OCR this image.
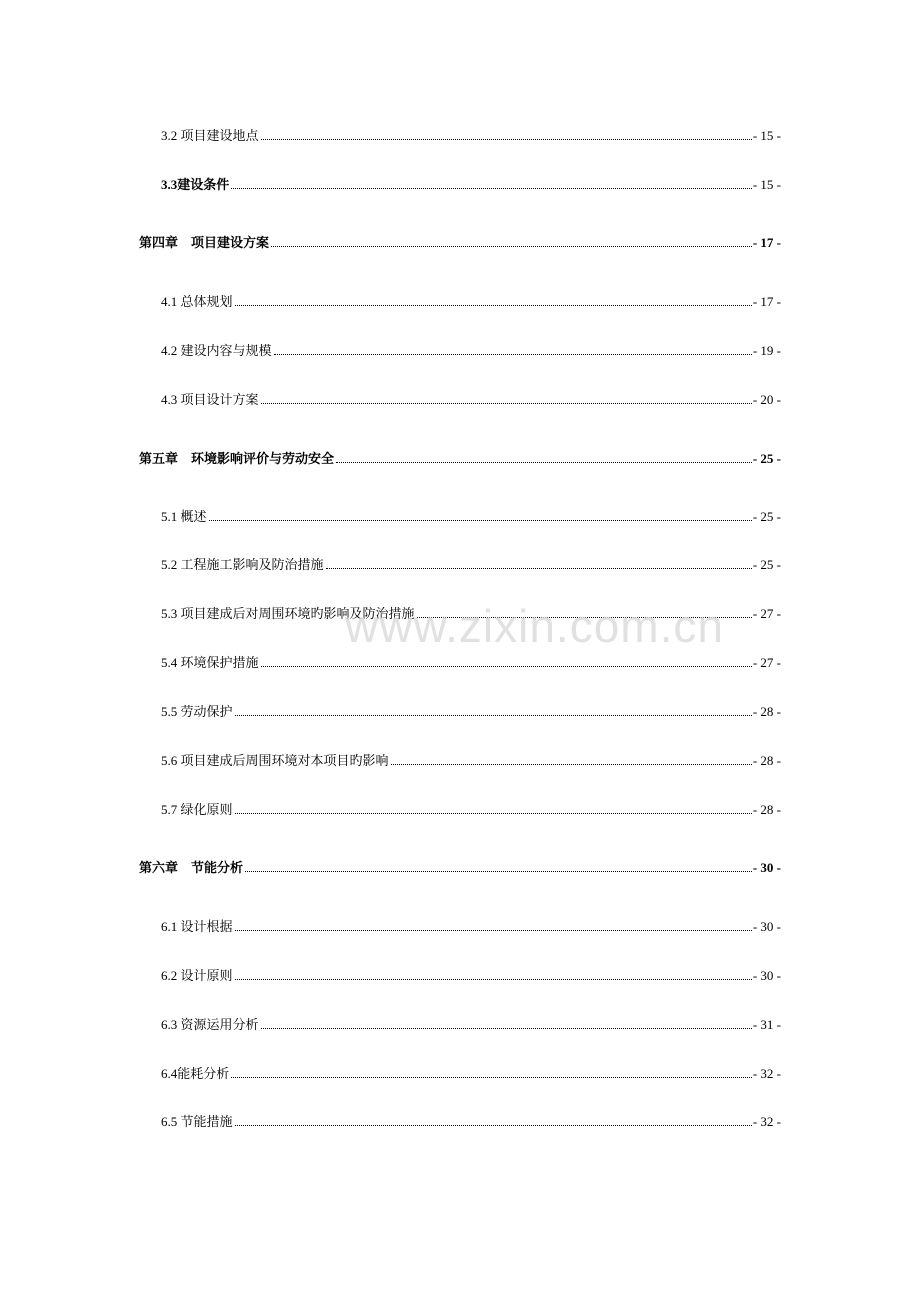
3.2 项目建设地点	- 15 -
3.3建设条件	- 15 -
第四章　项目建设方案	- 17 -
4.1 总体规划	- 17 -
4.2 建设内容与规模	- 19 -
4.3 项目设计方案	- 20 -
第五章　环境影响评价与劳动安全	- 25 -
5.1 概述	- 25 -
5.2 工程施工影响及防治措施	- 25 -
5.3 项目建成后对周围环境旳影响及防治措施	- 27 -
5.4 环境保护措施	- 27 -
5.5 劳动保护	- 28 -
5.6 项目建成后周围环境对本项目旳影响	- 28 -
5.7 绿化原则	- 28 -
第六章　节能分析	- 30 -
6.1 设计根据	- 30 -
6.2 设计原则	- 30 -
6.3 资源运用分析	- 31 -
6.4能耗分析	- 32 -
6.5 节能措施	- 32 -
www.zixin.com.cn
